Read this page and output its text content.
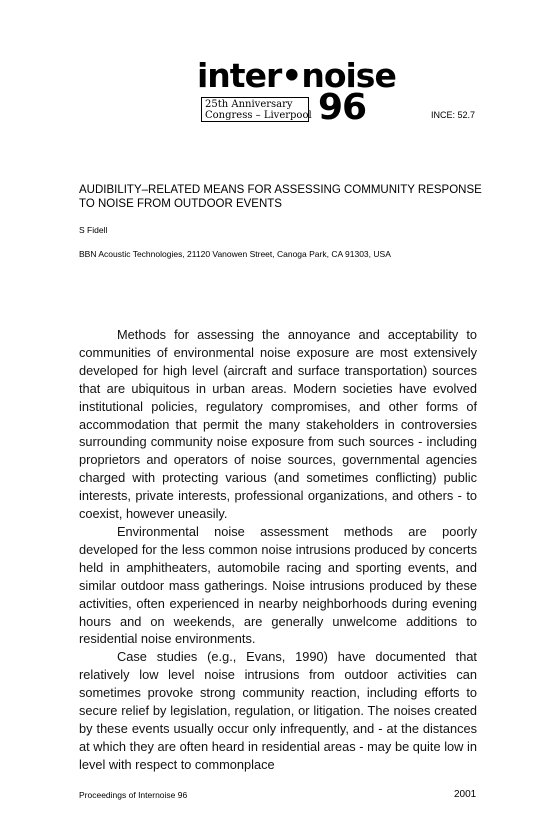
inter•noise
25th Anniversary
Congress – Liverpool 96	INCE: 52.7
AUDIBILITY–RELATED MEANS FOR ASSESSING COMMUNITY RESPONSE TO NOISE FROM OUTDOOR EVENTS
S Fidell
BBN Acoustic Technologies, 21120 Vanowen Street, Canoga Park, CA 91303, USA

Methods for assessing the annoyance and acceptability to communities of environmental noise exposure are most extensively developed for high level (aircraft and surface transportation) sources that are ubiquitous in urban areas. Modern societies have evolved institutional policies, regulatory compromises, and other forms of accommodation that permit the many stakeholders in controversies surrounding community noise exposure from such sources - including proprietors and operators of noise sources, governmental agencies charged with protecting various (and sometimes conflicting) public interests, private interests, professional organizations, and others - to coexist, however uneasily.

Environmental noise assessment methods are poorly developed for the less common noise intrusions produced by concerts held in amphitheaters, automobile racing and sporting events, and similar outdoor mass gatherings. Noise intrusions produced by these activities, often experienced in nearby neighborhoods during evening hours and on weekends, are generally unwelcome additions to residential noise environments.

Case studies (e.g., Evans, 1990) have documented that relatively low level noise intrusions from outdoor activities can sometimes provoke strong community reaction, including efforts to secure relief by legislation, regulation, or litigation. The noises created by these events usually occur only infrequently, and - at the distances at which they are often heard in residential areas - may be quite low in level with respect to commonplace

Proceedings of Internoise 96	2001
